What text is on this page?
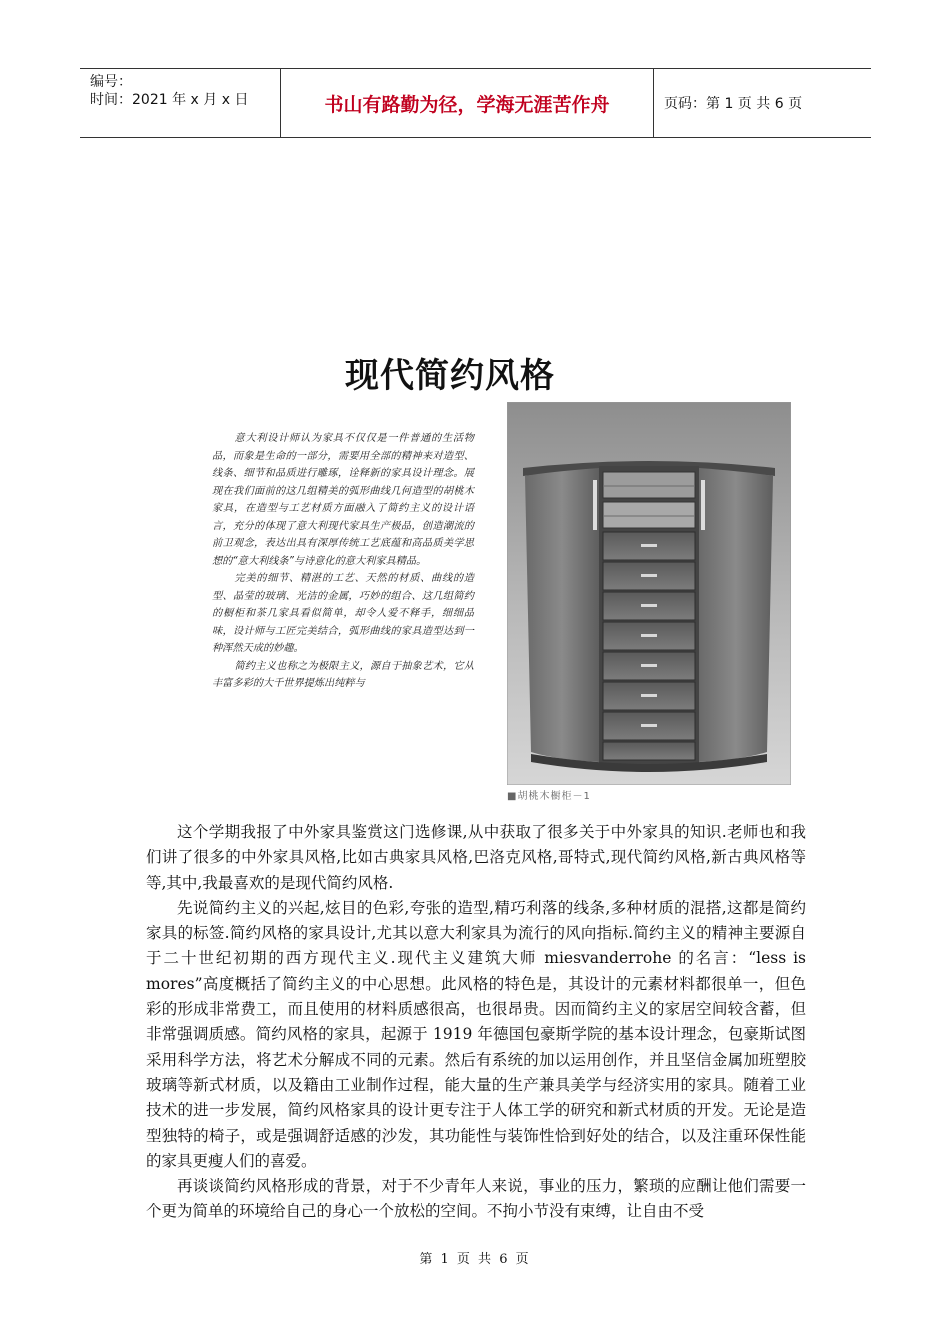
编号：
时间：2021 年 x 月 x 日	书山有路勤为径，学海无涯苦作舟	页码：第 1 页 共 6 页
现代简约风格

意大利设计师认为家具不仅仅是一件普通的生活物品，而象是生命的一部分，需要用全部的精神来对造型、线条、细节和品质进行雕琢，诠释新的家具设计理念。展现在我们面前的这几组精美的弧形曲线几何造型的胡桃木家具，在造型与工艺材质方面融入了简约主义的设计语言，充分的体现了意大利现代家具生产极品，创造潮流的前卫观念，表达出具有深厚传统工艺底蕴和高品质美学思想的“意大利线条”与诗意化的意大利家具精品。

完美的细节、精湛的工艺、天然的材质、曲线的造型、晶莹的玻璃、光洁的金属，巧妙的组合、这几组简约的橱柜和茶几家具看似简单，却令人爱不释手，细细品味，设计师与工匠完美结合，弧形曲线的家具造型达到一种浑然天成的妙趣。

简约主义也称之为极限主义，源自于抽象艺术，它从丰富多彩的大千世界提炼出纯粹与

■胡桃木橱柜－1

这个学期我报了中外家具鉴赏这门选修课,从中获取了很多关于中外家具的知识.老师也和我们讲了很多的中外家具风格,比如古典家具风格,巴洛克风格,哥特式,现代简约风格,新古典风格等等,其中,我最喜欢的是现代简约风格.

先说简约主义的兴起,炫目的色彩,夸张的造型,精巧利落的线条,多种材质的混搭,这都是简约家具的标签.简约风格的家具设计,尤其以意大利家具为流行的风向指标.简约主义的精神主要源自于二十世纪初期的西方现代主义.现代主义建筑大师 miesvanderrohe 的名言：“less is mores”高度概括了简约主义的中心思想。此风格的特色是，其设计的元素材料都很单一，但色彩的形成非常费工，而且使用的材料质感很高，也很昂贵。因而简约主义的家居空间较含蓄，但非常强调质感。简约风格的家具，起源于 1919 年德国包豪斯学院的基本设计理念，包豪斯试图采用科学方法，将艺术分解成不同的元素。然后有系统的加以运用创作，并且坚信金属加班塑胶玻璃等新式材质，以及籍由工业制作过程，能大量的生产兼具美学与经济实用的家具。随着工业技术的进一步发展，简约风格家具的设计更专注于人体工学的研究和新式材质的开发。无论是造型独特的椅子，或是强调舒适感的沙发，其功能性与装饰性恰到好处的结合，以及注重环保性能的家具更瘦人们的喜爱。

再谈谈简约风格形成的背景，对于不少青年人来说，事业的压力，繁琐的应酬让他们需要一个更为简单的环境给自己的身心一个放松的空间。不拘小节没有束缚，让自由不受

第 1 页 共 6 页
